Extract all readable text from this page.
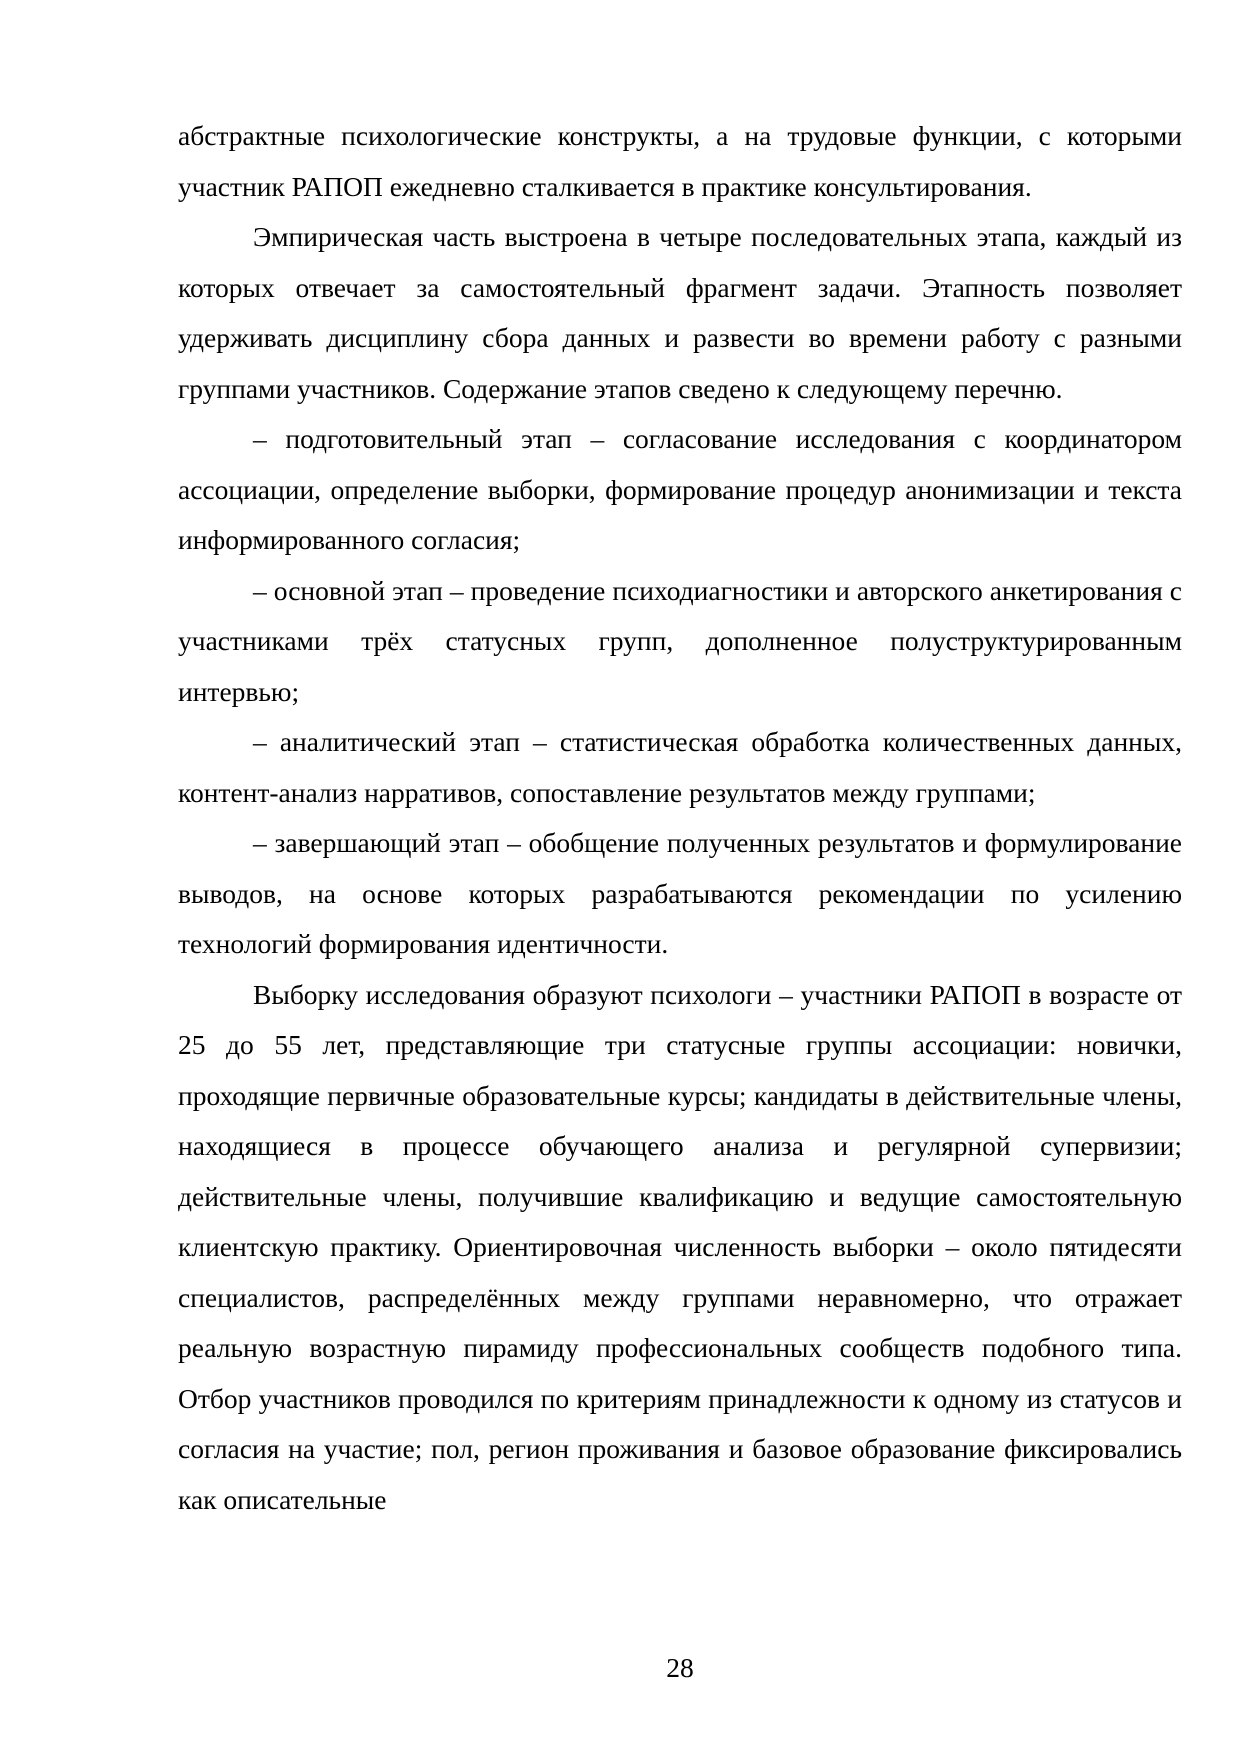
абстрактные психологические конструкты, а на трудовые функции, с которыми участник РАПОП ежедневно сталкивается в практике консультирования.

Эмпирическая часть выстроена в четыре последовательных этапа, каждый из которых отвечает за самостоятельный фрагмент задачи. Этапность позволяет удерживать дисциплину сбора данных и развести во времени работу с разными группами участников. Содержание этапов сведено к следующему перечню.

– подготовительный этап – согласование исследования с координатором ассоциации, определение выборки, формирование процедур анонимизации и текста информированного согласия;

– основной этап – проведение психодиагностики и авторского анкетирования с участниками трёх статусных групп, дополненное полуструктурированным интервью;

– аналитический этап – статистическая обработка количественных данных, контент-анализ нарративов, сопоставление результатов между группами;

– завершающий этап – обобщение полученных результатов и формулирование выводов, на основе которых разрабатываются рекомендации по усилению технологий формирования идентичности.

Выборку исследования образуют психологи – участники РАПОП в возрасте от 25 до 55 лет, представляющие три статусные группы ассоциации: новички, проходящие первичные образовательные курсы; кандидаты в действительные члены, находящиеся в процессе обучающего анализа и регулярной супервизии; действительные члены, получившие квалификацию и ведущие самостоятельную клиентскую практику. Ориентировочная численность выборки – около пятидесяти специалистов, распределённых между группами неравномерно, что отражает реальную возрастную пирамиду профессиональных сообществ подобного типа. Отбор участников проводился по критериям принадлежности к одному из статусов и согласия на участие; пол, регион проживания и базовое образование фиксировались как описательные

28
